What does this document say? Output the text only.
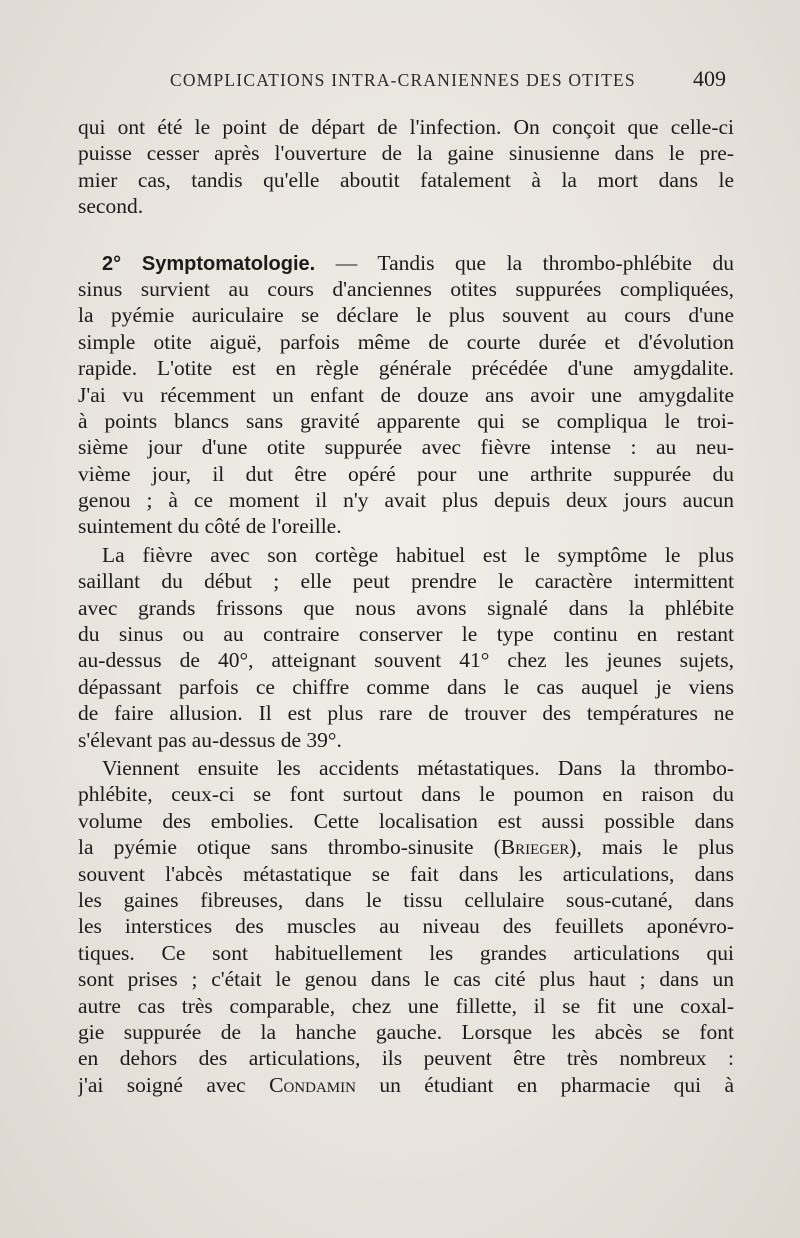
COMPLICATIONS INTRA-CRANIENNES DES OTITES	409
qui ont été le point de départ de l'infection. On conçoit que celle-ci
puisse cesser après l'ouverture de la gaine sinusienne dans le pre-
mier cas, tandis qu'elle aboutit fatalement à la mort dans le
second.
2° Symptomatologie. — Tandis que la thrombo-phlébite du
sinus survient au cours d'anciennes otites suppurées compliquées,
la pyémie auriculaire se déclare le plus souvent au cours d'une
simple otite aiguë, parfois même de courte durée et d'évolution
rapide. L'otite est en règle générale précédée d'une amygdalite.
J'ai vu récemment un enfant de douze ans avoir une amygdalite
à points blancs sans gravité apparente qui se compliqua le troi-
sième jour d'une otite suppurée avec fièvre intense : au neu-
vième jour, il dut être opéré pour une arthrite suppurée du
genou ; à ce moment il n'y avait plus depuis deux jours aucun
suintement du côté de l'oreille.
La fièvre avec son cortège habituel est le symptôme le plus
saillant du début ; elle peut prendre le caractère intermittent
avec grands frissons que nous avons signalé dans la phlébite
du sinus ou au contraire conserver le type continu en restant
au-dessus de 40°, atteignant souvent 41° chez les jeunes sujets,
dépassant parfois ce chiffre comme dans le cas auquel je viens
de faire allusion. Il est plus rare de trouver des températures ne
s'élevant pas au-dessus de 39°.
Viennent ensuite les accidents métastatiques. Dans la thrombo-
phlébite, ceux-ci se font surtout dans le poumon en raison du
volume des embolies. Cette localisation est aussi possible dans
la pyémie otique sans thrombo-sinusite (Brieger), mais le plus
souvent l'abcès métastatique se fait dans les articulations, dans
les gaines fibreuses, dans le tissu cellulaire sous-cutané, dans
les interstices des muscles au niveau des feuillets aponévro-
tiques. Ce sont habituellement les grandes articulations qui
sont prises ; c'était le genou dans le cas cité plus haut ; dans un
autre cas très comparable, chez une fillette, il se fit une coxal-
gie suppurée de la hanche gauche. Lorsque les abcès se font
en dehors des articulations, ils peuvent être très nombreux :
j'ai soigné avec Condamin un étudiant en pharmacie qui à
